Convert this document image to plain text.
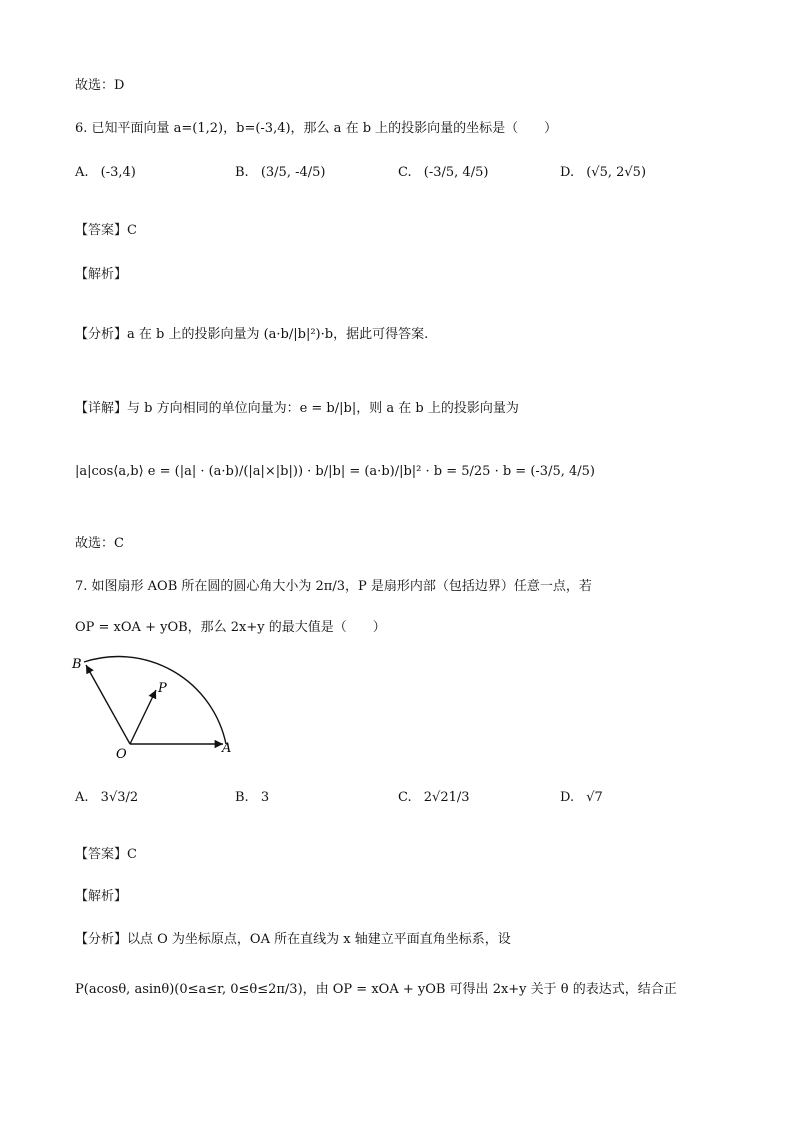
故选：D
6. 已知平面向量 a=(1,2)，b=(-3,4)，那么 a 在 b 上的投影向量的坐标是（　　）
A. (-3,4)	B. (3/5, -4/5)	C. (-3/5, 4/5)	D. (√5, 2√5)
【答案】C
【解析】
【分析】a 在 b 上的投影向量为 (a·b/|b|²)·b，据此可得答案.
【详解】与 b 方向相同的单位向量为：e = b/|b|，则 a 在 b 上的投影向量为
|a|cos⟨a,b⟩ e = (|a| · (a·b)/(|a|×|b|)) · b/|b| = (a·b)/|b|² · b = 5/25 · b = (-3/5, 4/5)
故选：C
7. 如图扇形 AOB 所在圆的圆心角大小为 2π/3，P 是扇形内部（包括边界）任意一点，若
OP = xOA + yOB，那么 2x+y 的最大值是（　　）
B
P
O	A
A. 3√3/2	B. 3	C. 2√21/3	D. √7
【答案】C
【解析】
【分析】以点 O 为坐标原点，OA 所在直线为 x 轴建立平面直角坐标系，设
P(acosθ, asinθ)(0≤a≤r, 0≤θ≤2π/3)，由 OP = xOA + yOB 可得出 2x+y 关于 θ 的表达式，结合正
